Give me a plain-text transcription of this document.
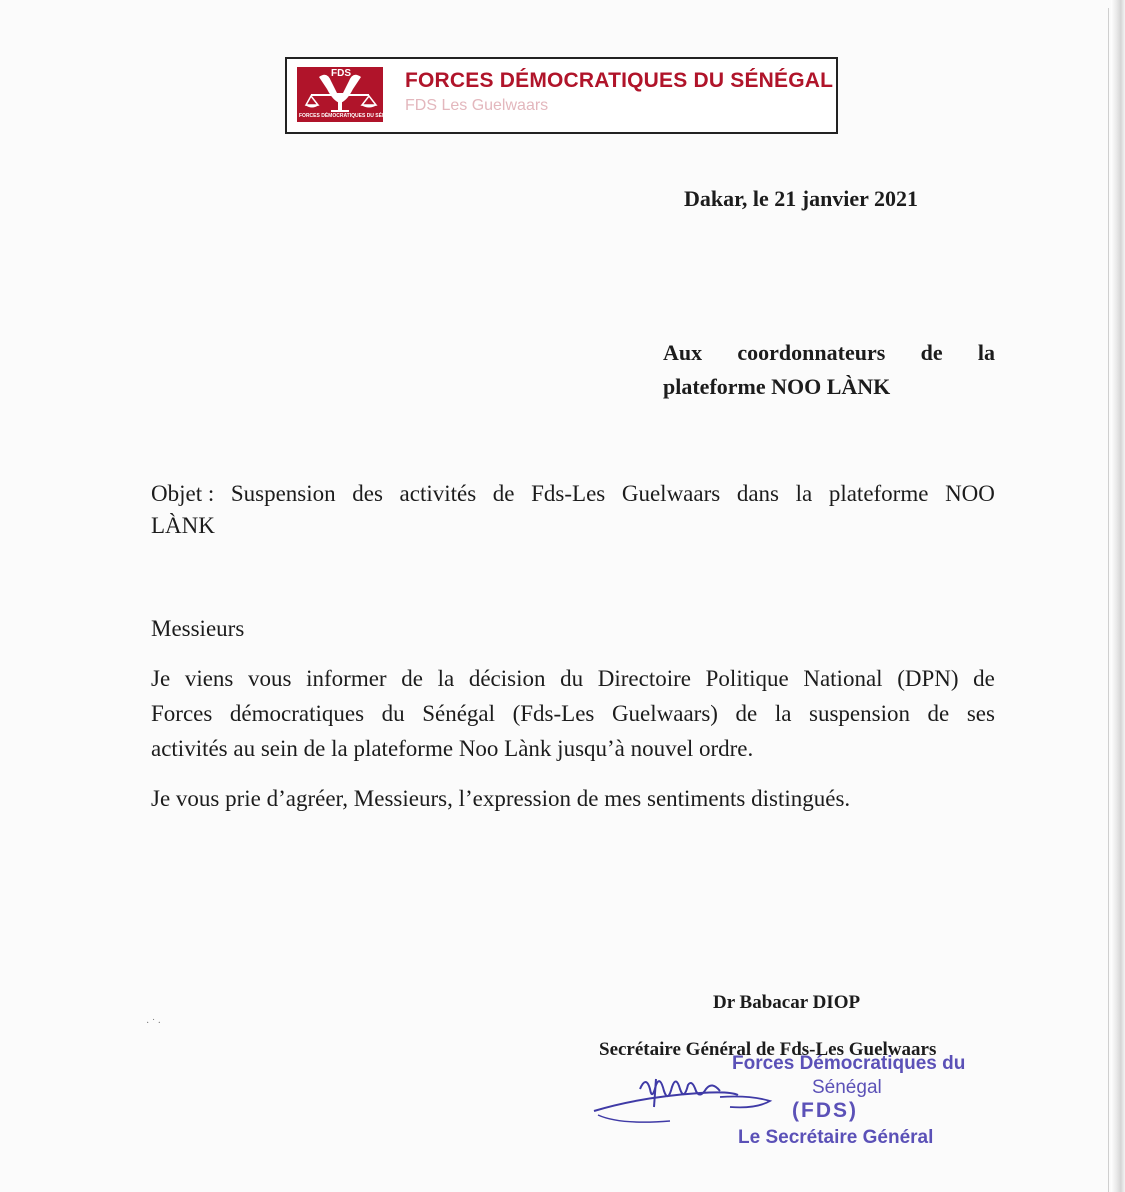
FDS
FORCES DÉMOCRATIQUES DU SÉNÉGAL
FORCES DÉMOCRATIQUES DU SÉNÉGAL
FDS Les Guelwaars
Dakar, le 21 janvier 2021
Aux coordonnateurs de la
plateforme NOO LÀNK
Objet : Suspension des activités de Fds-Les Guelwaars dans la plateforme NOO
LÀNK
Messieurs
Je viens vous informer de la décision du Directoire Politique National (DPN) de
Forces démocratiques du Sénégal (Fds-Les Guelwaars) de la suspension de ses
activités au sein de la plateforme Noo Lànk jusqu’à nouvel ordre.
Je vous prie d’agréer, Messieurs, l’expression de mes sentiments distingués.
· ˙ ·
Dr Babacar DIOP
Secrétaire Général de Fds-Les Guelwaars
Forces Démocratiques du
Sénégal
(FDS)
Le Secrétaire Général
